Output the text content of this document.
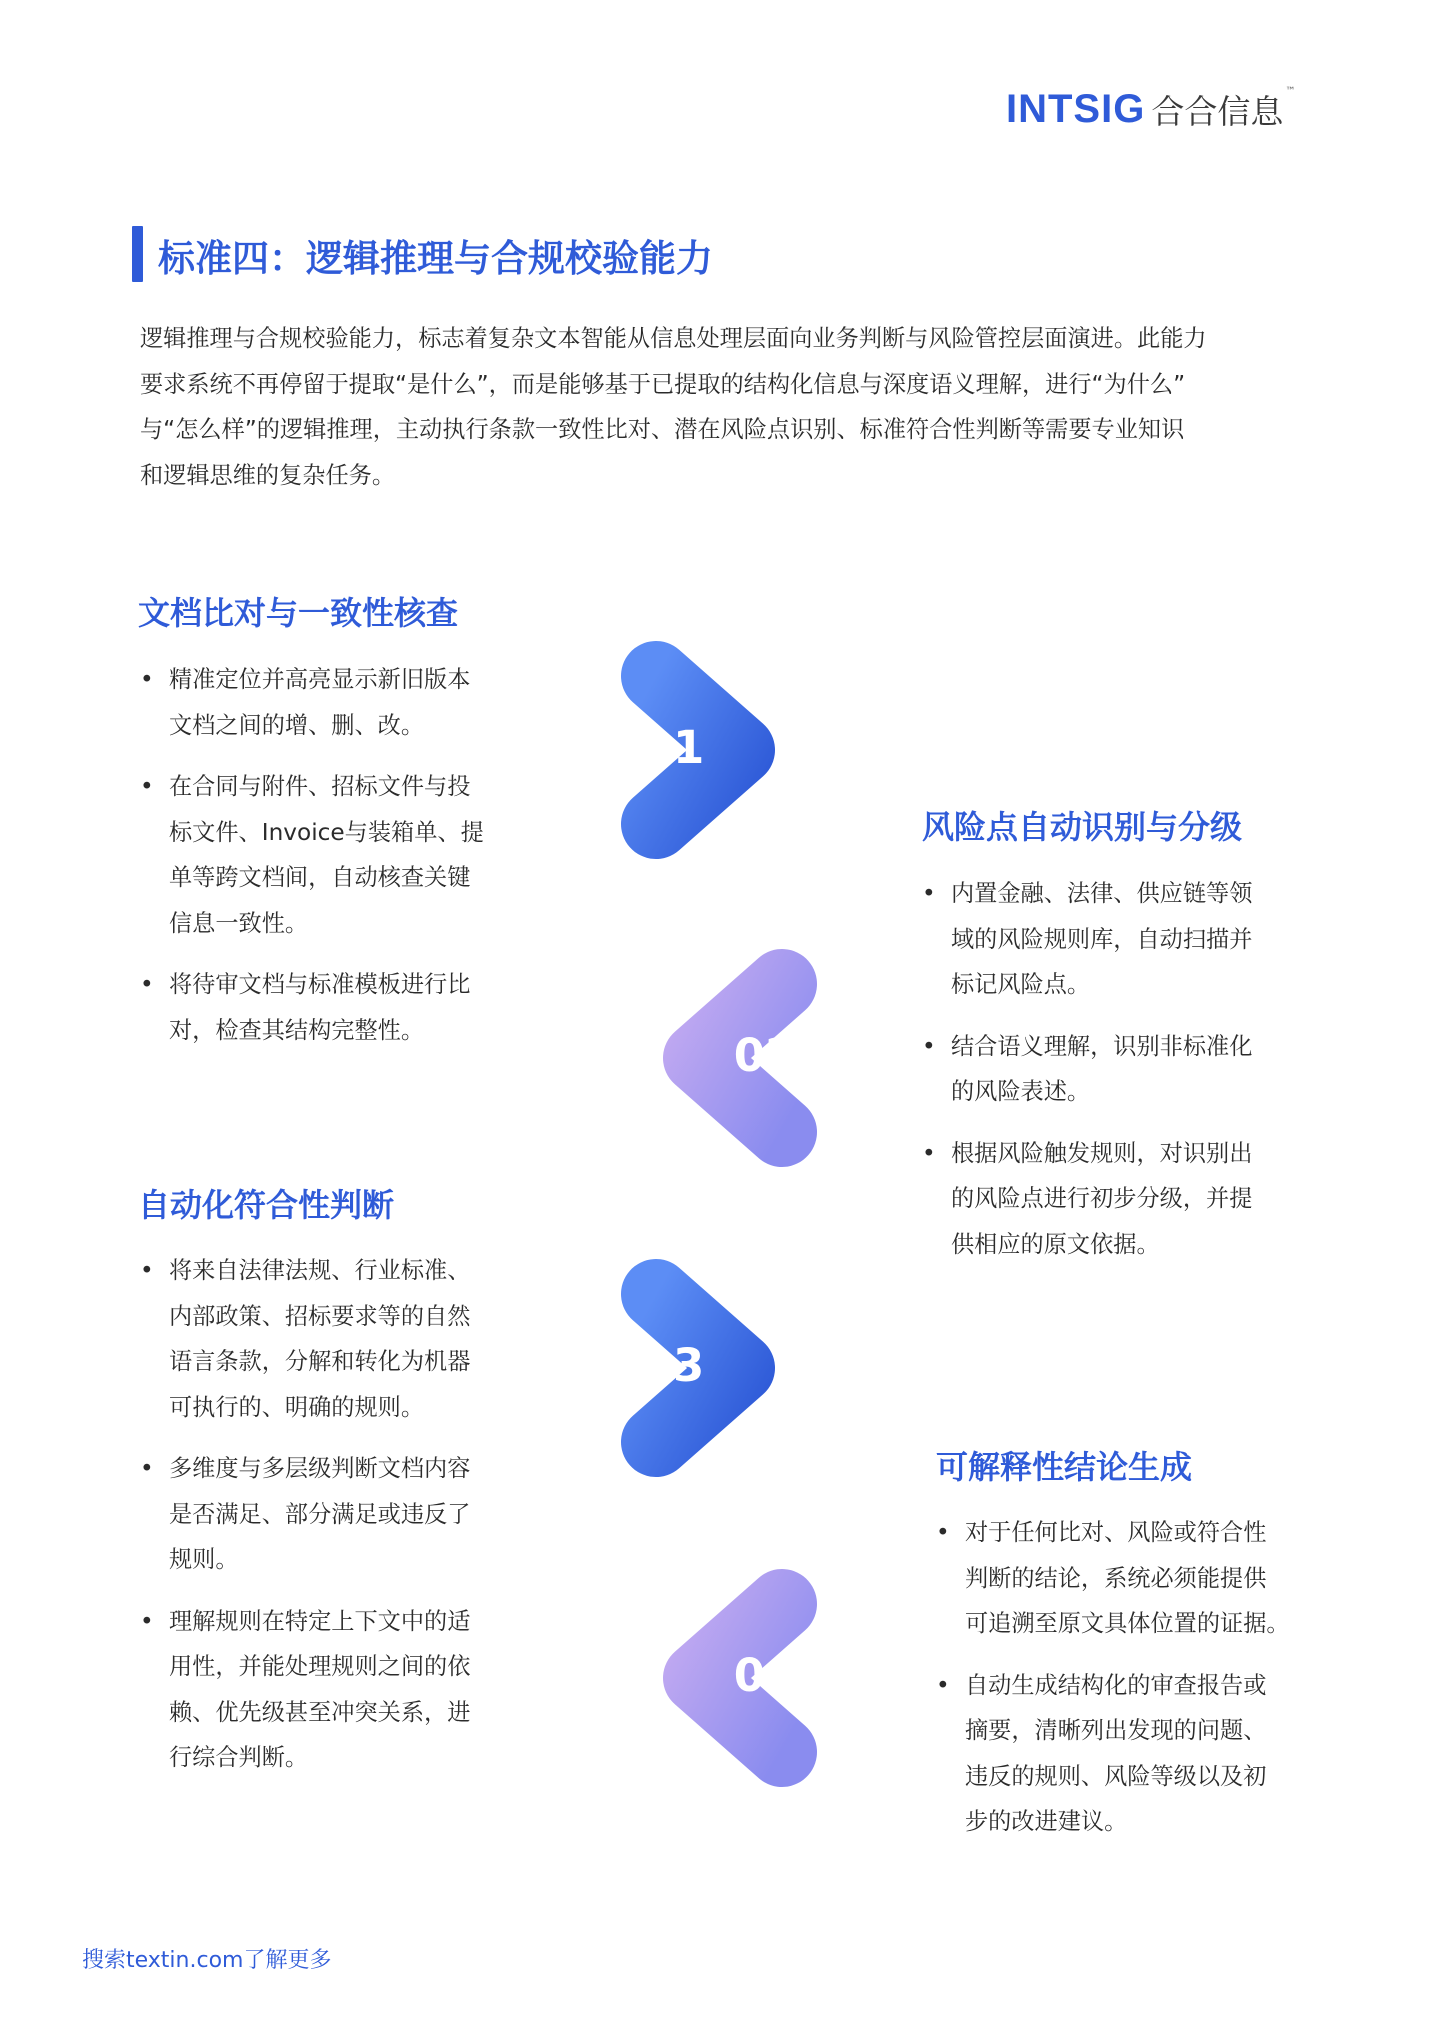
INTSIG 合合信息
™
标准四：逻辑推理与合规校验能力

逻辑推理与合规校验能力，标志着复杂文本智能从信息处理层面向业务判断与风险管控层面演进。此能力
要求系统不再停留于提取“是什么”，而是能够基于已提取的结构化信息与深度语义理解，进行“为什么”
与“怎么样”的逻辑推理，主动执行条款一致性比对、潜在风险点识别、标准符合性判断等需要专业知识
和逻辑思维的复杂任务。

文档比对与一致性核查
• 精准定位并高亮显示新旧版本
文档之间的增、删、改。
• 在合同与附件、招标文件与投
标文件、Invoice与装箱单、提
单等跨文档间，自动核查关键
信息一致性。
• 将待审文档与标准模板进行比
对，检查其结构完整性。
风险点自动识别与分级
• 内置金融、法律、供应链等领
域的风险规则库，自动扫描并
标记风险点。
• 结合语义理解，识别非标准化
的风险表述。
• 根据风险触发规则，对识别出
的风险点进行初步分级，并提
供相应的原文依据。
自动化符合性判断
• 将来自法律法规、行业标准、
内部政策、招标要求等的自然
语言条款，分解和转化为机器
可执行的、明确的规则。
• 多维度与多层级判断文档内容
是否满足、部分满足或违反了
规则。
• 理解规则在特定上下文中的适
用性，并能处理规则之间的依
赖、优先级甚至冲突关系，进
行综合判断。
可解释性结论生成
• 对于任何比对、风险或符合性
判断的结论，系统必须能提供
可追溯至原文具体位置的证据。
• 自动生成结构化的审查报告或
摘要，清晰列出发现的问题、
违反的规则、风险等级以及初
步的改进建议。
01
02
03
04
搜索textin.com了解更多
